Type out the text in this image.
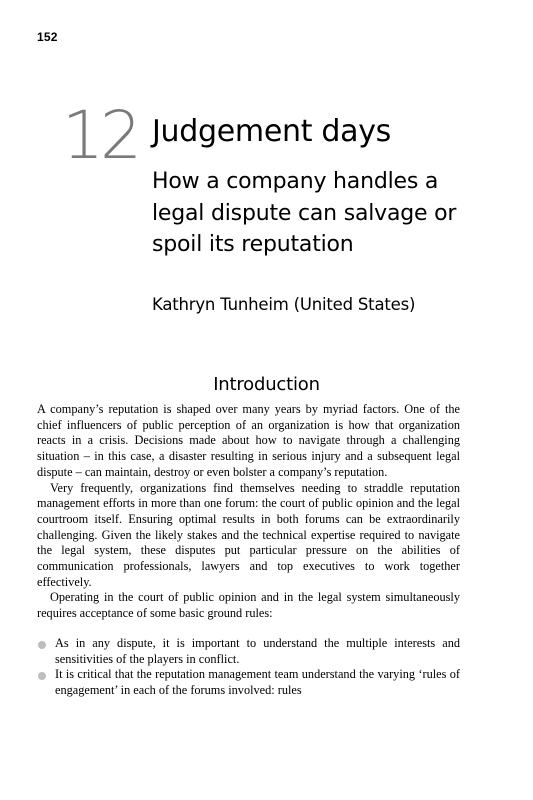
152
12 Judgement days
How a company handles a legal dispute can salvage or spoil its reputation
Kathryn Tunheim (United States)
Introduction

A company’s reputation is shaped over many years by myriad factors. One of the chief influencers of public perception of an organization is how that organization reacts in a crisis. Decisions made about how to navigate through a challenging situation – in this case, a disaster resulting in serious injury and a subsequent legal dispute – can maintain, destroy or even bolster a company’s reputation.

Very frequently, organizations find themselves needing to straddle reputation management efforts in more than one forum: the court of public opinion and the legal courtroom itself. Ensuring optimal results in both forums can be extraordinarily challenging. Given the likely stakes and the technical expertise required to navigate the legal system, these disputes put particular pressure on the abilities of communication professionals, lawyers and top executives to work together effectively.

Operating in the court of public opinion and in the legal system simultaneously requires acceptance of some basic ground rules:

As in any dispute, it is important to understand the multiple interests and sensitivities of the players in conflict.
It is critical that the reputation management team understand the varying ‘rules of engagement’ in each of the forums involved: rules
